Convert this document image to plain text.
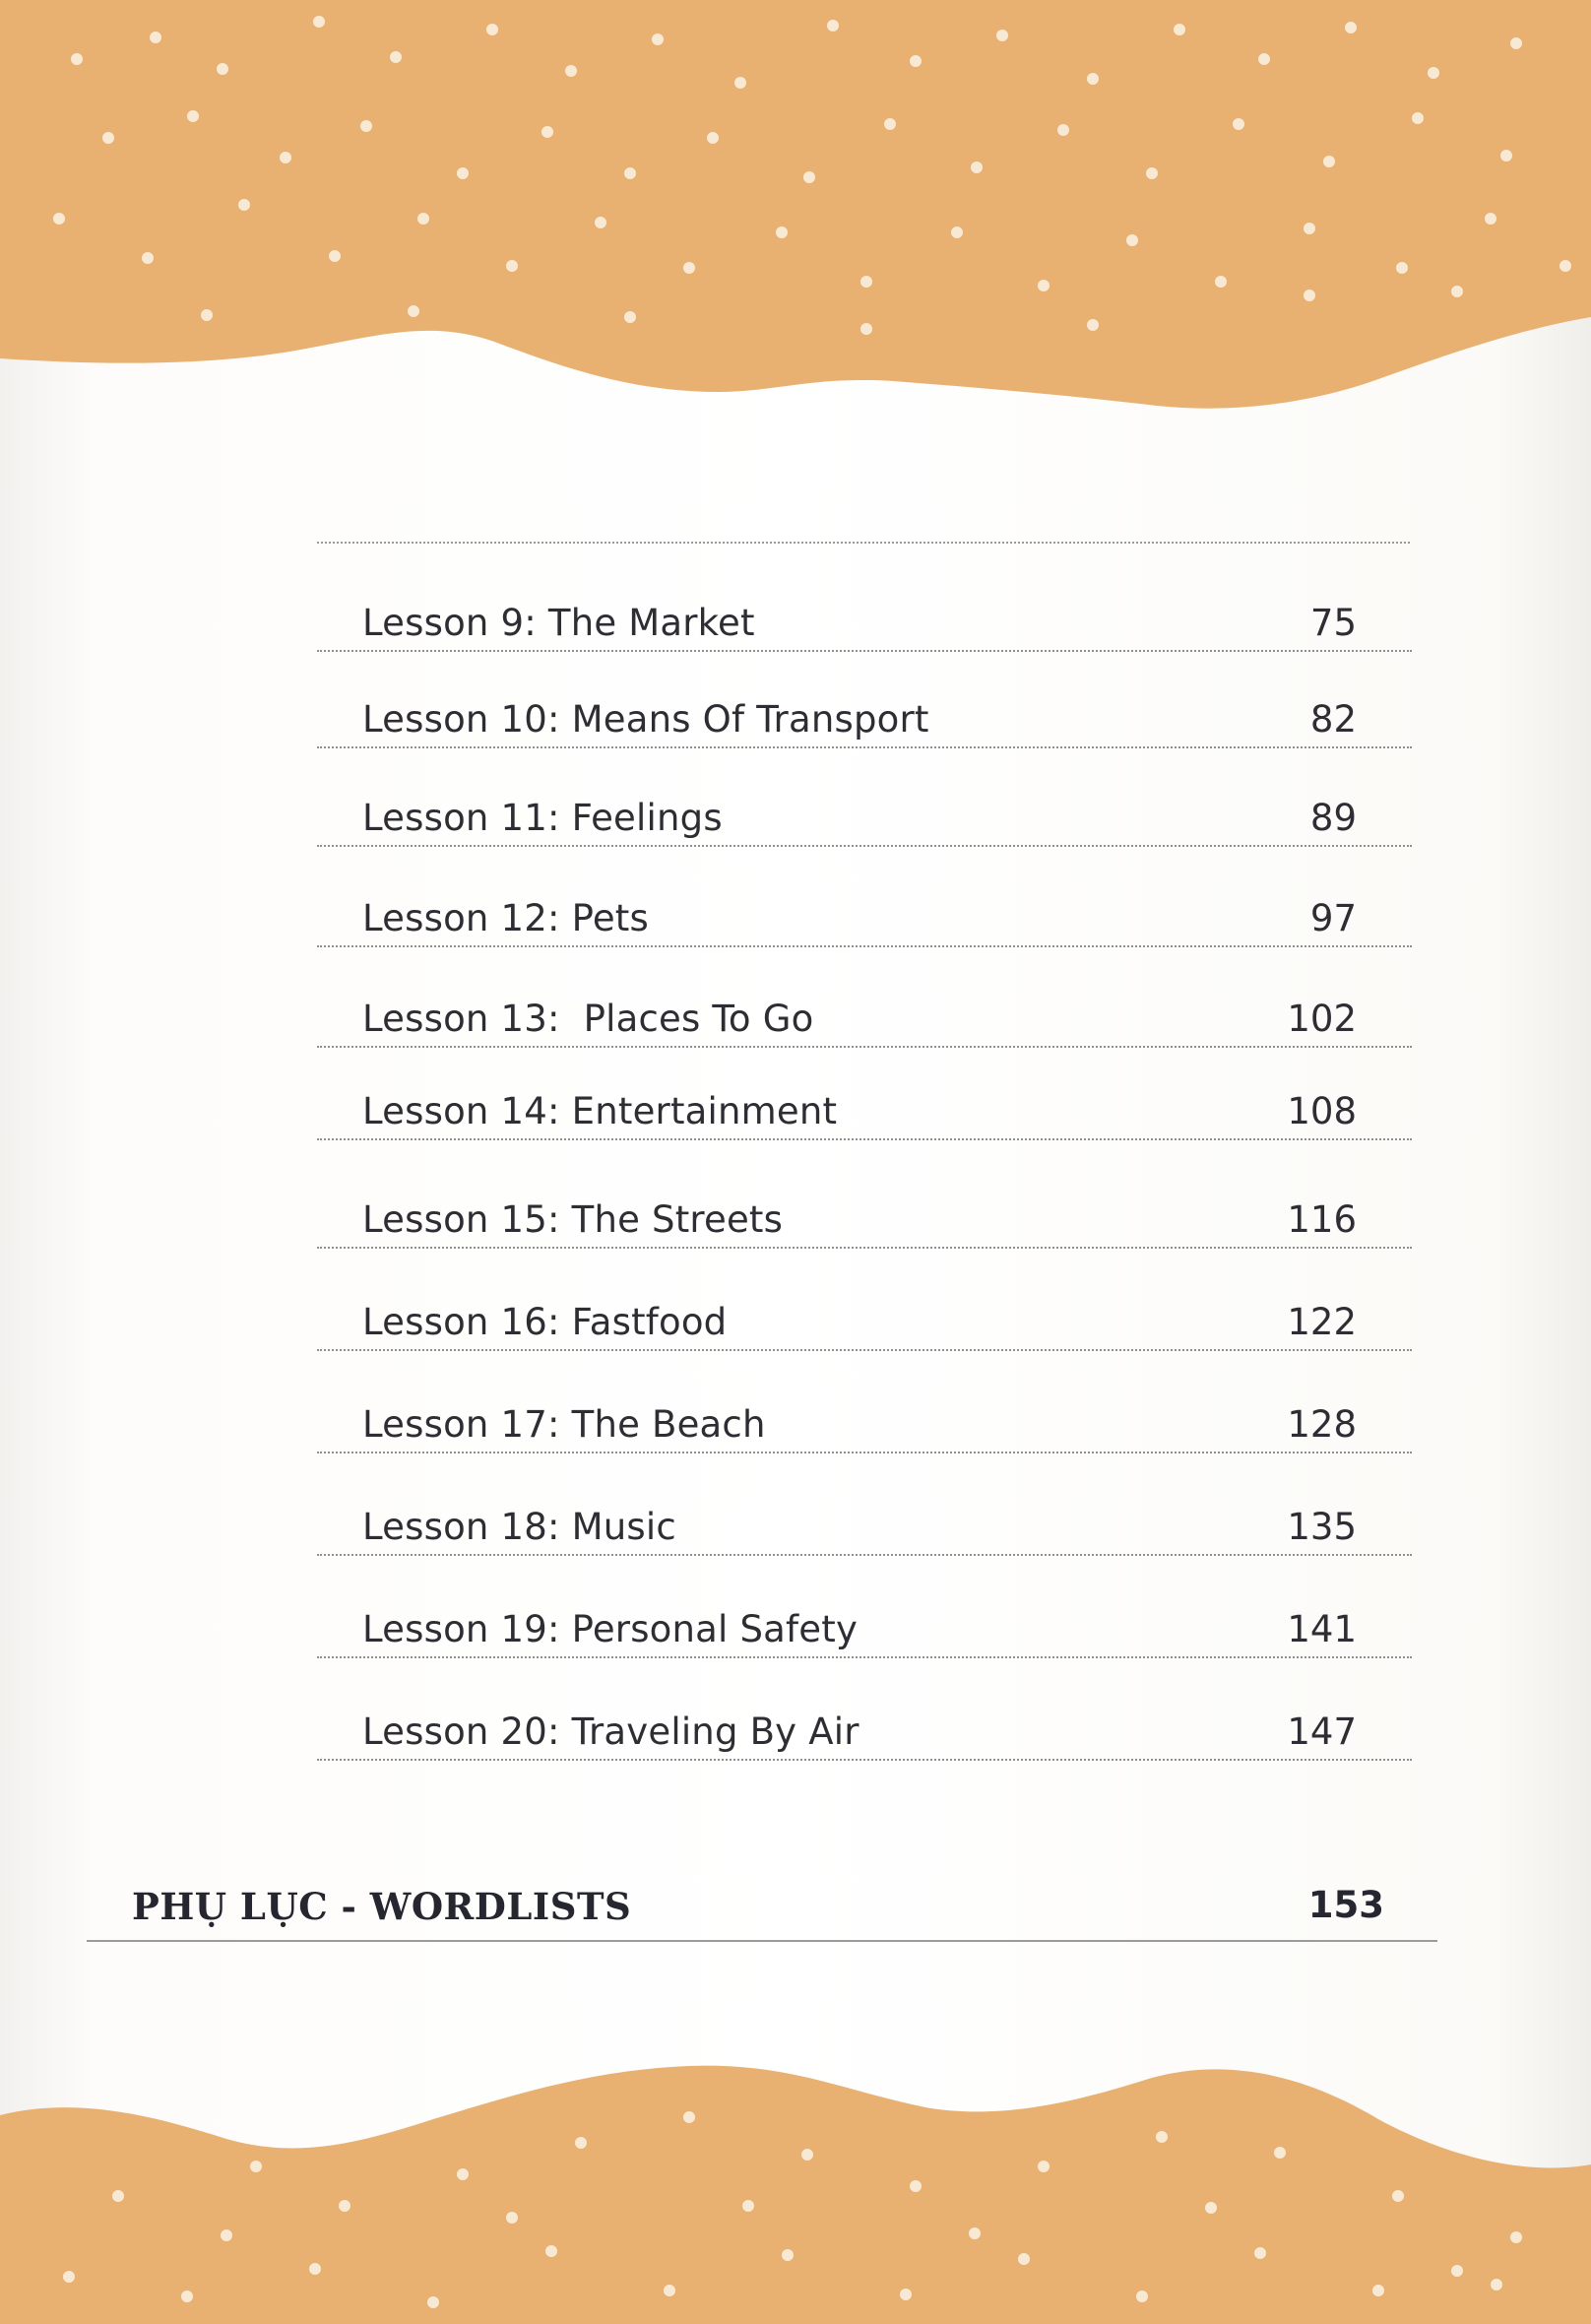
Lesson 9: The Market	75
Lesson 10: Means Of Transport	82
Lesson 11: Feelings	89
Lesson 12: Pets	97
Lesson 13:  Places To Go	102
Lesson 14: Entertainment	108
Lesson 15: The Streets	116
Lesson 16: Fastfood	122
Lesson 17: The Beach	128
Lesson 18: Music	135
Lesson 19: Personal Safety	141
Lesson 20: Traveling By Air	147
PHỤ LỤC - WORDLISTS	153
